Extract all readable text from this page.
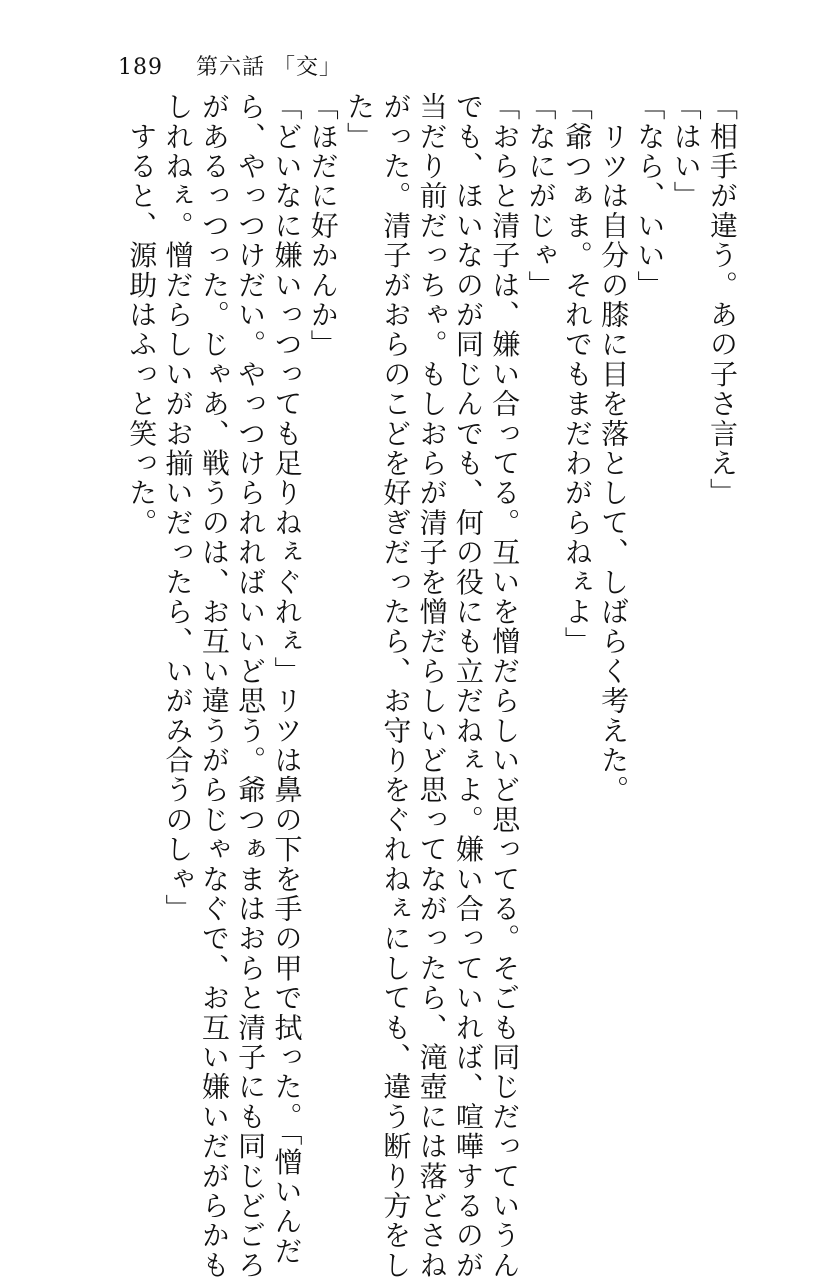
189 第六話 「交」
「相手が違う。あの子さ言え」
「はい」
「なら、いい」
　リツは自分の膝に目を落として、しばらく考えた。
「爺つぁま。それでもまだわがらねぇよ」
「なにがじゃ」
「おらと清子は、嫌い合ってる。互いを憎だらしいど思ってる。そごも同じだっていうん
でも、ほいなのが同じんでも、何の役にも立だねぇよ。嫌い合っていれば、喧嘩するのが
当だり前だっちゃ。もしおらが清子を憎だらしいど思ってながったら、滝壺には落どさね
がった。清子がおらのこどを好ぎだったら、お守りをぐれねぇにしても、違う断り方をし
た」
「ほだに好かんか」
「どいなに嫌いっつっても足りねぇぐれぇ」リツは鼻の下を手の甲で拭った。「憎いんだ
ら、やっつけだい。やっつけられればいいど思う。爺つぁまはおらと清子にも同じどごろ
があるっつった。じゃあ、戦うのは、お互い違うがらじゃなぐで、お互い嫌いだがらかも
しれねぇ。憎だらしいがお揃いだったら、いがみ合うのしゃ」
　すると、源助はふっと笑った。
